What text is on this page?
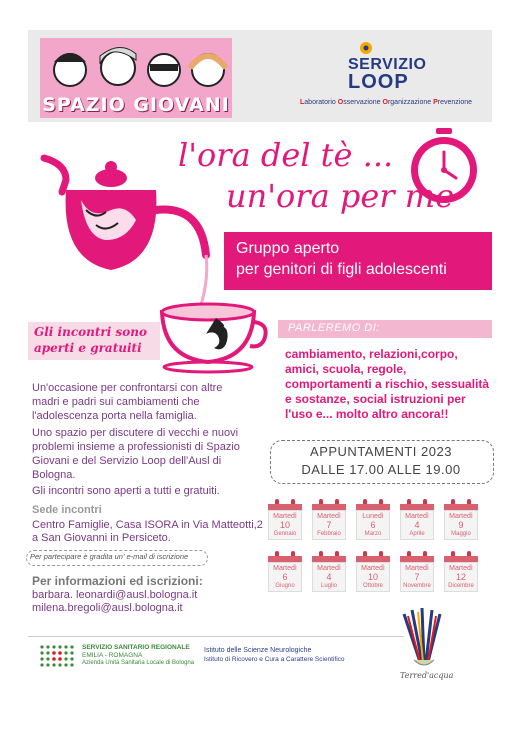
SPAZIO GIOVANI
SERVIZIO
LOOP
Laboratorio Osservazione Organizzazione Prevenzione
l'ora del tè ...
un'ora per me
Gruppo aperto
per genitori di figli adolescenti
Gli incontri sono aperti e gratuiti
Un'occasione per confrontarsi con altre madri e padri sui cambiamenti che l'adolescenza porta nella famiglia.
Uno spazio per discutere di vecchi e nuovi problemi insieme a professionisti di Spazio Giovani e del Servizio Loop dell'Ausl di Bologna.
Gli incontri sono aperti a tutti e gratuiti.
PARLEREMO DI:
cambiamento, relazioni,corpo, amici, scuola, regole, comportamenti a rischio, sessualità e sostanze, social istruzioni per l'uso e... molto altro ancora!!
APPUNTAMENTI 2023
DALLE 17.00 ALLE 19.00
Martedì
10
Gennaio
Martedì
7
Febbraio
Lunedì
6
Marzo
Martedì
4
Aprile
Martedì
9
Maggio
Martedì
6
Giugno
Martedì
4
Luglio
Martedì
10
Ottobre
Martedì
7
Novembre
Martedì
12
Dicembre
Sede incontri
Centro Famiglie, Casa ISORA in Via Matteotti,2
a San Giovanni in Persiceto.
Per partecipare è gradita un' e-mail di iscrizione
Per informazioni ed iscrizioni:
barbara. leonardi@ausl.bologna.it
milena.bregoli@ausl.bologna.it
SERVIZIO SANITARIO REGIONALE
EMILIA - ROMAGNA
Azienda Unità Sanitaria Locale di Bologna
Istituto delle Scienze Neurologiche
Istituto di Ricovero e Cura a Carattere Scientifico
Terred'acqua
